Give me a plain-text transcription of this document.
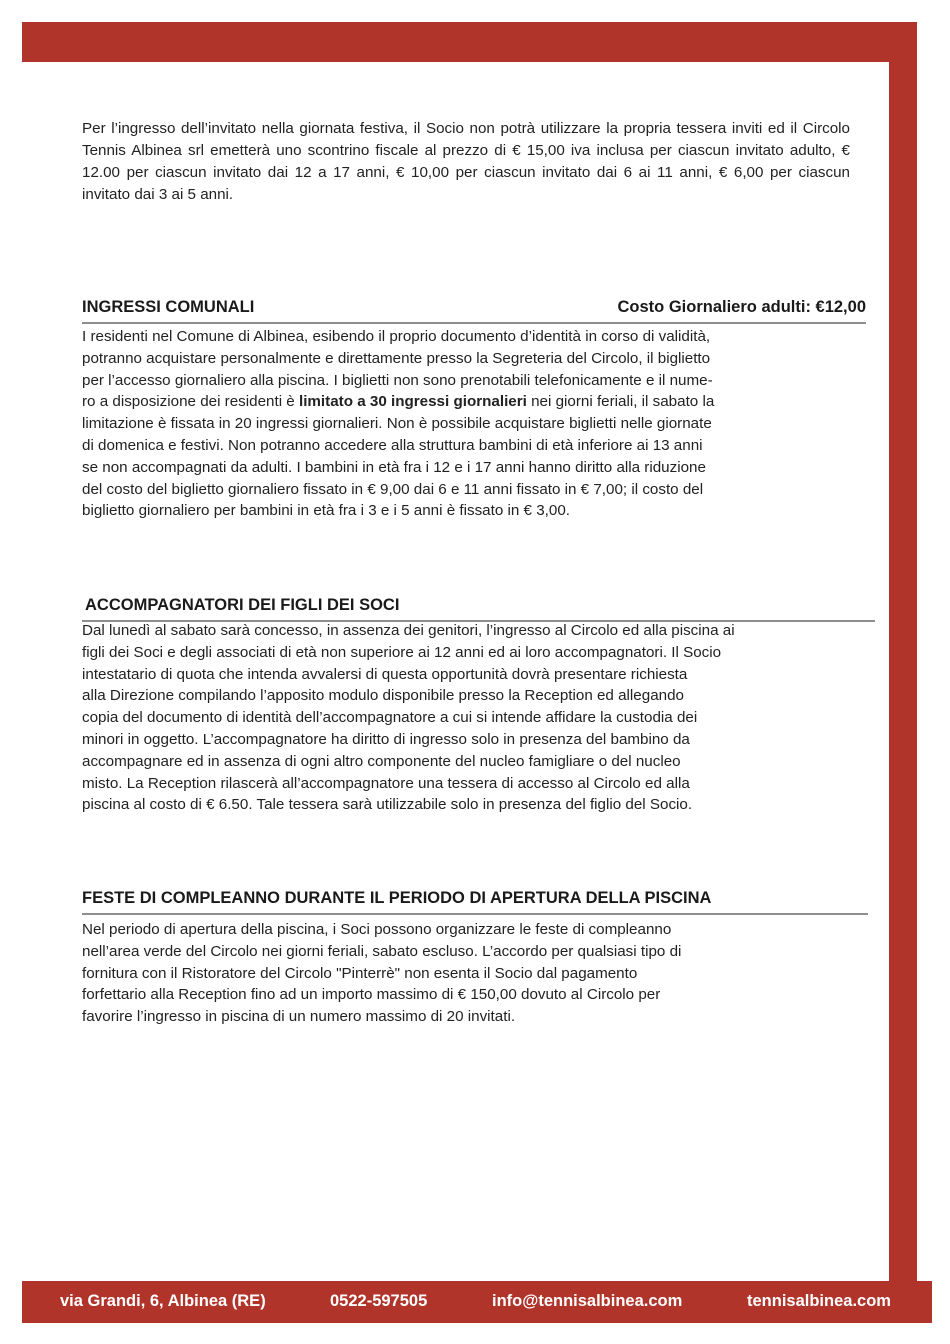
Per l’ingresso dell’invitato nella giornata festiva, il Socio non potrà utilizzare la propria tessera inviti ed il Circolo Tennis Albinea srl emetterà uno scontrino fiscale al prezzo di € 15,00 iva inclusa per ciascun invitato adulto, € 12.00 per ciascun invitato dai 12 a 17 anni, € 10,00 per ciascun invitato dai 6 ai 11 anni, € 6,00 per ciascun invitato dai 3 ai 5 anni.
INGRESSI COMUNALI	Costo Giornaliero adulti: €12,00
I residenti nel Comune di Albinea, esibendo il proprio documento d’identità in corso di validità,
potranno acquistare personalmente e direttamente presso la Segreteria del Circolo, il biglietto
per l’accesso giornaliero alla piscina. I biglietti non sono prenotabili telefonicamente e il nume-
ro a disposizione dei residenti è limitato a 30 ingressi giornalieri nei giorni feriali, il sabato la
limitazione è fissata in 20 ingressi giornalieri. Non è possibile acquistare biglietti nelle giornate
di domenica e festivi. Non potranno accedere alla struttura bambini di età inferiore ai 13 anni
se non accompagnati da adulti. I bambini in età fra i 12 e i 17 anni hanno diritto alla riduzione
del costo del biglietto giornaliero fissato in € 9,00 dai 6 e 11 anni fissato in € 7,00; il costo del
biglietto giornaliero per bambini in età fra i 3 e i 5 anni è fissato in € 3,00.
ACCOMPAGNATORI DEI FIGLI DEI SOCI
Dal lunedì al sabato sarà concesso, in assenza dei genitori, l’ingresso al Circolo ed alla piscina ai
figli dei Soci e degli associati di età non superiore ai 12 anni ed ai loro accompagnatori. Il Socio
intestatario di quota che intenda avvalersi di questa opportunità dovrà presentare richiesta
alla Direzione compilando l’apposito modulo disponibile presso la Reception ed allegando
copia del documento di identità dell’accompagnatore a cui si intende affidare la custodia dei
minori in oggetto. L’accompagnatore ha diritto di ingresso solo in presenza del bambino da
accompagnare ed in assenza di ogni altro componente del nucleo famigliare o del nucleo
misto. La Reception rilascerà all’accompagnatore una tessera di accesso al Circolo ed alla
piscina al costo di € 6.50. Tale tessera sarà utilizzabile solo in presenza del figlio del Socio.
FESTE DI COMPLEANNO DURANTE IL PERIODO DI APERTURA DELLA PISCINA
Nel periodo di apertura della piscina, i Soci possono organizzare le feste di compleanno
nell’area verde del Circolo nei giorni feriali, sabato escluso. L’accordo per qualsiasi tipo di
fornitura con il Ristoratore del Circolo "Pinterrè" non esenta il Socio dal pagamento
forfettario alla Reception fino ad un importo massimo di € 150,00 dovuto al Circolo per
favorire l’ingresso in piscina di un numero massimo di 20 invitati.
via Grandi, 6, Albinea (RE)	0522-597505	info@tennisalbinea.com	tennisalbinea.com
